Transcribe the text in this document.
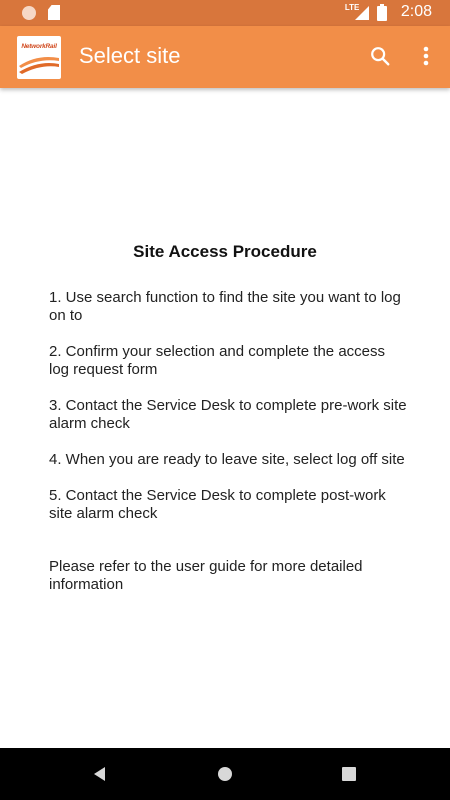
LTE	2:08
NetworkRail Select site
Site Access Procedure
1. Use search function to find the site you want to log on to
2. Confirm your selection and complete the access log request form
3. Contact the Service Desk to complete pre-work site alarm check
4. When you are ready to leave site, select log off site
5. Contact the Service Desk to complete post-work site alarm check
Please refer to the user guide for more detailed information
